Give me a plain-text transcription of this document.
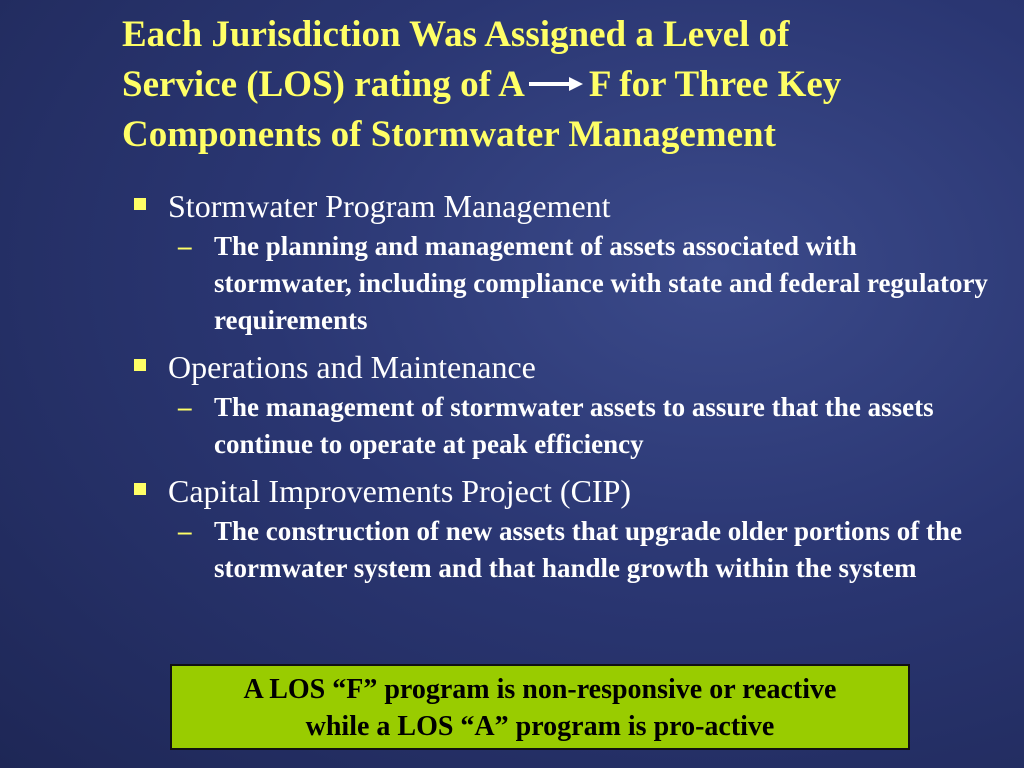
Each Jurisdiction Was Assigned a Level of
Service (LOS) rating of A F for Three Key
Components of Stormwater Management
Stormwater Program Management
– The planning and management of assets associated with stormwater, including compliance with state and federal regulatory requirements
Operations and Maintenance
– The management of stormwater assets to assure that the assets continue to operate at peak efficiency
Capital Improvements Project (CIP)
– The construction of new assets that upgrade older portions of the stormwater system and that handle growth within the system
A LOS “F” program is non-responsive or reactive
while a LOS “A” program is pro-active
